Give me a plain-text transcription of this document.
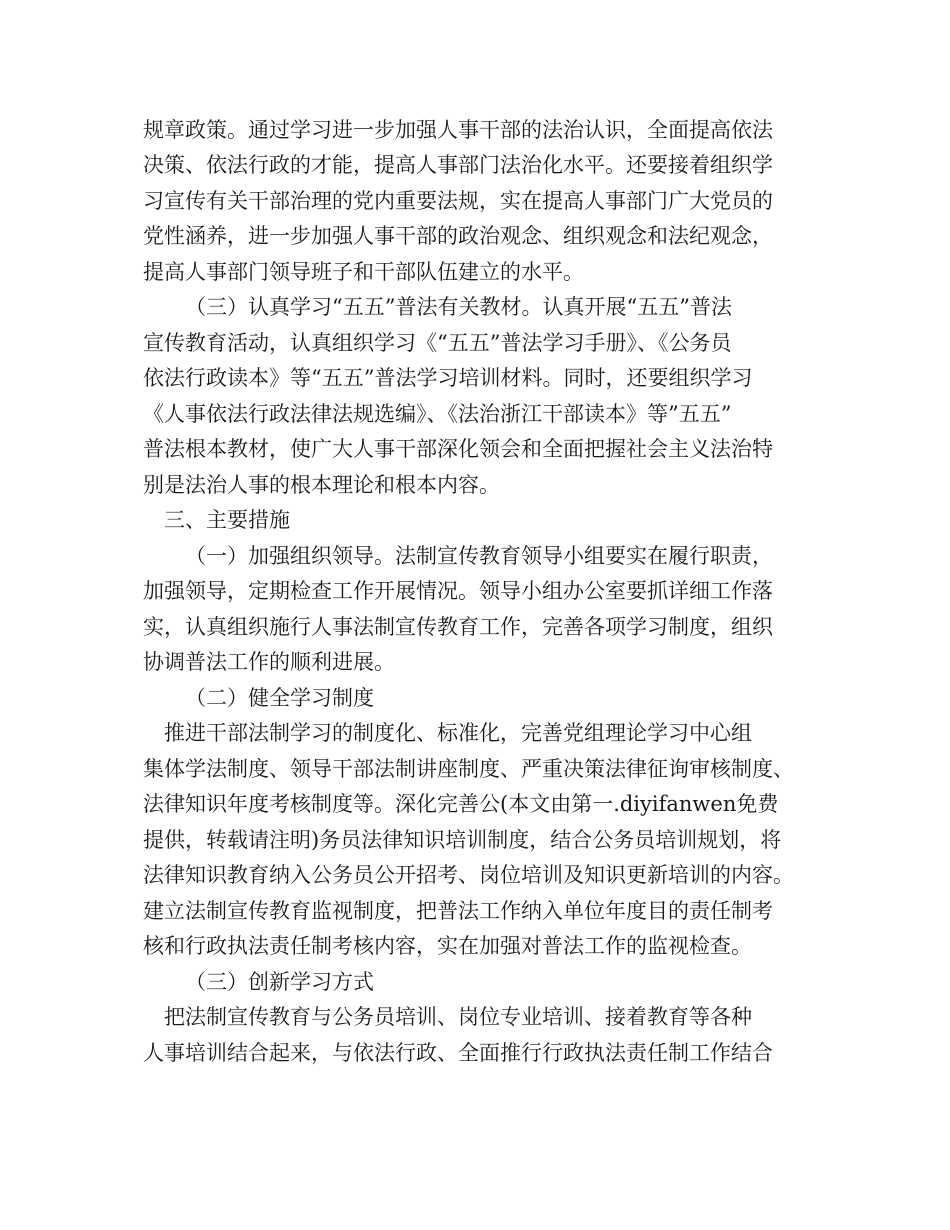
规章政策。通过学习进一步加强人事干部的法治认识，全面提高依法
决策、依法行政的才能，提高人事部门法治化水平。还要接着组织学
习宣传有关干部治理的党内重要法规，实在提高人事部门广大党员的
党性涵养，进一步加强人事干部的政治观念、组织观念和法纪观念，
提高人事部门领导班子和干部队伍建立的水平。
（三）认真学习“五五”普法有关教材。认真开展“五五”普法
宣传教育活动，认真组织学习《“五五”普法学习手册》、《公务员
依法行政读本》等“五五”普法学习培训材料。同时，还要组织学习
《人事依法行政法律法规选编》、《法治浙江干部读本》等”五五”
普法根本教材，使广大人事干部深化领会和全面把握社会主义法治特
别是法治人事的根本理论和根本内容。
三、主要措施
（一）加强组织领导。法制宣传教育领导小组要实在履行职责，
加强领导，定期检查工作开展情况。领导小组办公室要抓详细工作落
实，认真组织施行人事法制宣传教育工作，完善各项学习制度，组织
协调普法工作的顺利进展。
（二）健全学习制度
推进干部法制学习的制度化、标准化，完善党组理论学习中心组
集体学法制度、领导干部法制讲座制度、严重决策法律征询审核制度、
法律知识年度考核制度等。深化完善公(本文由第一.diyifanwen免费
提供，转载请注明)务员法律知识培训制度，结合公务员培训规划，将
法律知识教育纳入公务员公开招考、岗位培训及知识更新培训的内容。
建立法制宣传教育监视制度，把普法工作纳入单位年度目的责任制考
核和行政执法责任制考核内容，实在加强对普法工作的监视检查。
（三）创新学习方式
把法制宣传教育与公务员培训、岗位专业培训、接着教育等各种
人事培训结合起来，与依法行政、全面推行行政执法责任制工作结合
